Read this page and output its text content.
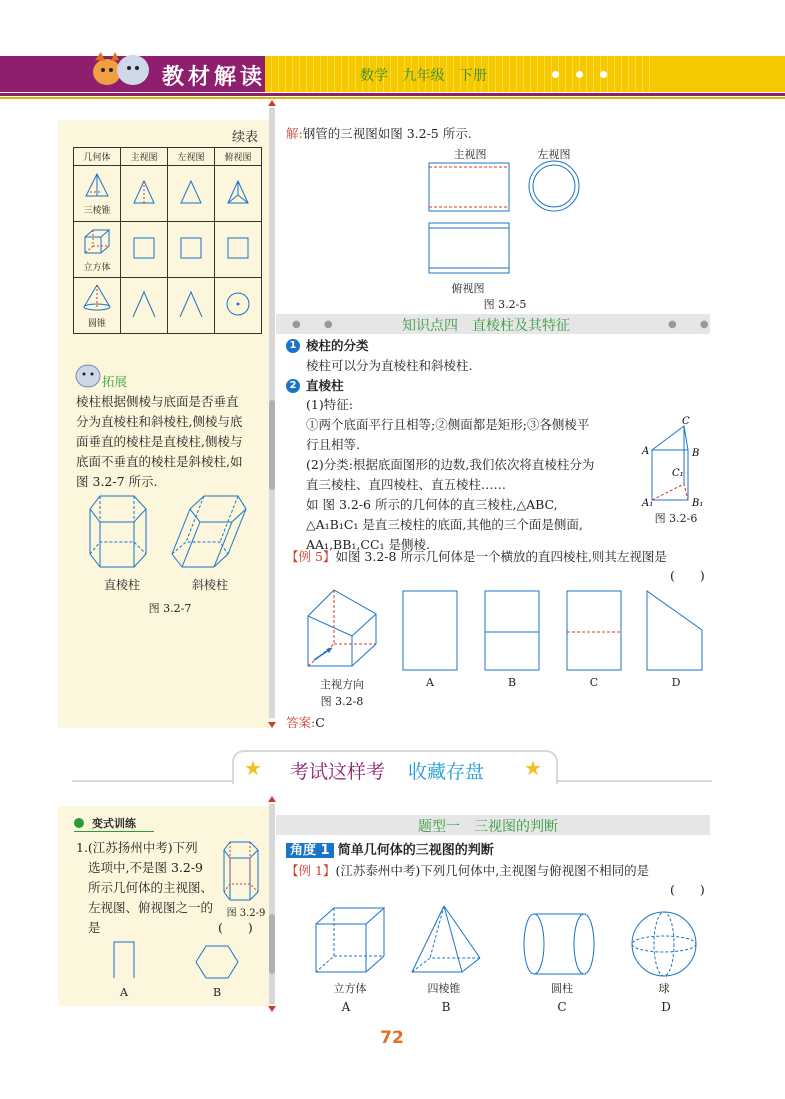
教材解读	数学 九年级 下册
续表
几何体	主视图	左视图	俯视图

三棱锥

立方体

圆锥

拓展
棱柱根据侧棱与底面是否垂直
分为直棱柱和斜棱柱,侧棱与底
面垂直的棱柱是直棱柱,侧棱与
底面不垂直的棱柱是斜棱柱,如
图 3.2-7 所示.
直棱柱	斜棱柱
图 3.2-7
解:钢管的三视图如图 3.2-5 所示.
主视图	左视图
俯视图
图 3.2-5
● ●	● ●
知识点四　直棱柱及其特征
1 棱柱的分类
棱柱可以分为直棱柱和斜棱柱.
2 直棱柱
(1)特征:
①两个底面平行且相等;②侧面都是矩形;③各侧棱平
行且相等.
(2)分类:根据底面图形的边数,我们依次将直棱柱分为
直三棱柱、直四棱柱、直五棱柱……
如 图 3.2-6 所示的几何体的直三棱柱,△ABC,
△A₁B₁C₁ 是直三棱柱的底面,其他的三个面是侧面,
AA₁,BB₁,CC₁ 是侧棱.
C
A	B
C₁
A₁	B₁
图 3.2-6
【例 5】如图 3.2-8 所示几何体是一个横放的直四棱柱,则其左视图是
(　　)
主视方向
图 3.2-8
A	B	C	D
答案:C
★	★
考试这样考 收藏存盘
变式训练
1.(江苏扬州中考)下列
选项中,不是图 3.2-9
所示几何体的主视图、
左视图、俯视图之一的
是	(　　)
图 3.2-9
A	B
题型一　三视图的判断
角度 1 简单几何体的三视图的判断
【例 1】(江苏泰州中考)下列几何体中,主视图与俯视图不相同的是
(　　)
立方体	四棱锥	圆柱	球
A	B	C	D
72
